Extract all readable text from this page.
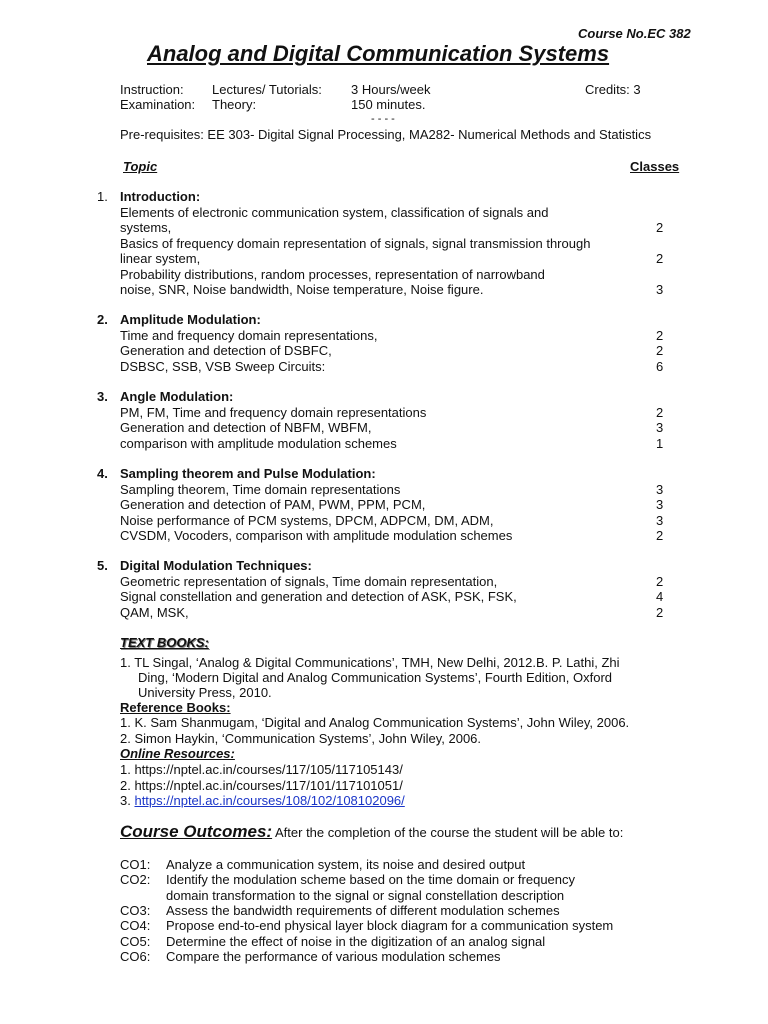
Course No.EC 382
Analog and Digital Communication Systems
Instruction: Lectures/ Tutorials: 3 Hours/week	Credits: 3
Examination: Theory:	150 minutes.
- - - -
Pre-requisites: EE 303- Digital Signal Processing, MA282- Numerical Methods and Statistics
Topic	Classes
1. Introduction:
Elements of electronic communication system, classification of signals and
systems,	2
Basics of frequency domain representation of signals, signal transmission through
linear system,	2
Probability distributions, random processes, representation of narrowband
noise, SNR, Noise bandwidth, Noise temperature, Noise figure.	3
2. Amplitude Modulation:
Time and frequency domain representations,	2
Generation and detection of DSBFC,	2
DSBSC, SSB, VSB Sweep Circuits:	6
3. Angle Modulation:
PM, FM, Time and frequency domain representations	2
Generation and detection of NBFM, WBFM,	3
comparison with amplitude modulation schemes	1
4. Sampling theorem and Pulse Modulation:
Sampling theorem, Time domain representations	3
Generation and detection of PAM, PWM, PPM, PCM,	3
Noise performance of PCM systems, DPCM, ADPCM, DM, ADM,	3
CVSDM, Vocoders, comparison with amplitude modulation schemes	2
5. Digital Modulation Techniques:
Geometric representation of signals, Time domain representation,	2
Signal constellation and generation and detection of ASK, PSK, FSK,	4
QAM, MSK,	2
TEXT BOOKS:
1. TL Singal, ‘Analog & Digital Communications’, TMH, New Delhi, 2012.B. P. Lathi, Zhi
Ding, ‘Modern Digital and Analog Communication Systems’, Fourth Edition, Oxford
University Press, 2010.
Reference Books:
1. K. Sam Shanmugam, ‘Digital and Analog Communication Systems’, John Wiley, 2006.
2. Simon Haykin, ‘Communication Systems’, John Wiley, 2006.
Online Resources:
1. https://nptel.ac.in/courses/117/105/117105143/
2. https://nptel.ac.in/courses/117/101/117101051/
3. https://nptel.ac.in/courses/108/102/108102096/
Course Outcomes: After the completion of the course the student will be able to:
CO1: Analyze a communication system, its noise and desired output
CO2: Identify the modulation scheme based on the time domain or frequency
domain transformation to the signal or signal constellation description
CO3: Assess the bandwidth requirements of different modulation schemes
CO4: Propose end-to-end physical layer block diagram for a communication system
CO5: Determine the effect of noise in the digitization of an analog signal
CO6: Compare the performance of various modulation schemes
